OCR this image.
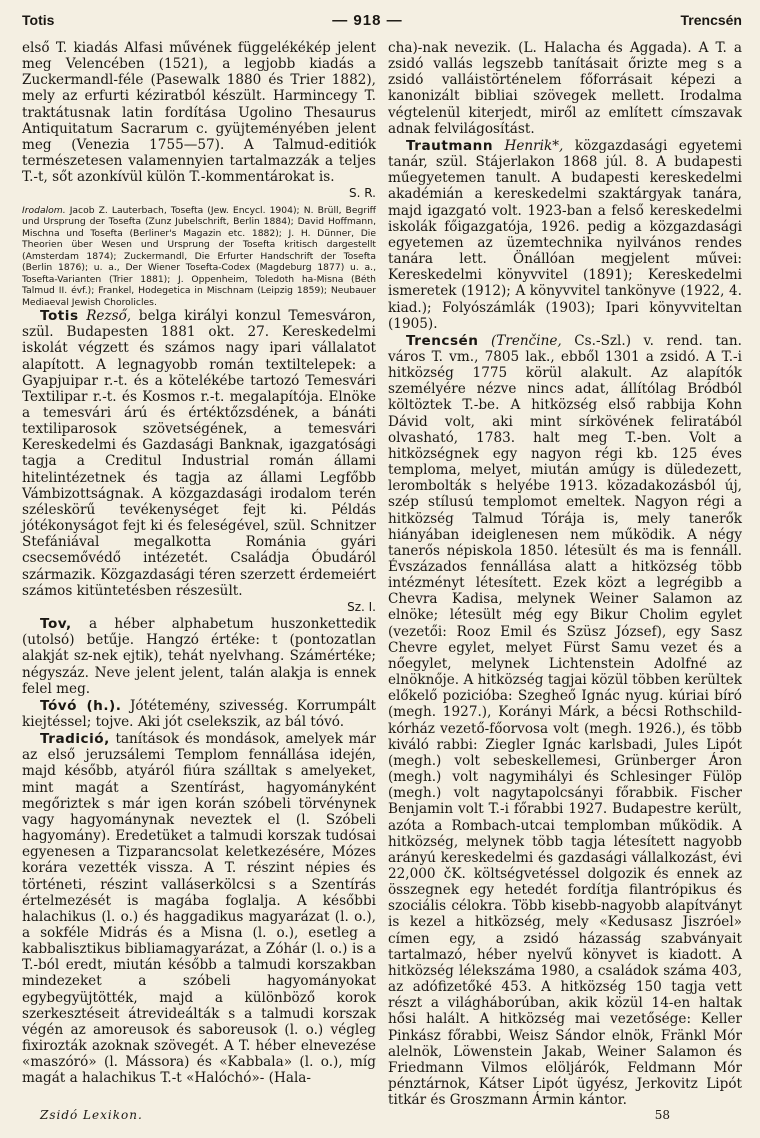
Totis	— 918 —	Trencsén

első T. kiadás Alfasi művének függelékékép jelent meg Velencében (1521), a legjobb kiadás a Zuckermandl-féle (Pasewalk 1880 és Trier 1882), mely az erfurti kéziratból készült. Harmincegy T. traktátusnak latin fordítása Ugolino Thesaurus Antiquitatum Sacrarum c. gyüjteményében jelent meg (Venezia 1755—57). A Talmud-editiók természetesen valamennyien tartalmazzák a teljes T.-t, sőt azonkívül külön T.-kommentárokat is.
S. R.

Irodalom. Jacob Z. Lauterbach, Tosefta (Jew. Encycl. 1904); N. Brüll, Begriff und Ursprung der Tosefta (Zunz Jubelschrift, Berlin 1884); David Hoffmann, Mischna und Tosefta (Berliner's Magazin etc. 1882); J. H. Dünner, Die Theorien über Wesen und Ursprung der Tosefta kritisch dargestellt (Amsterdam 1874); Zuckermandl, Die Erfurter Handschrift der Tosefta (Berlin 1876); u. a., Der Wiener Tosefta-Codex (Magdeburg 1877) u. a., Tosefta-Varianten (Trier 1881); J. Oppenheim, Toledoth ha-Misna (Béth Talmud II. évf.); Frankel, Hodegetica in Mischnam (Leipzig 1859); Neubauer Mediaeval Jewish Chorolicles.

Totis Rezső, belga királyi konzul Temesváron, szül. Budapesten 1881 okt. 27. Kereskedelmi iskolát végzett és számos nagy ipari vállalatot alapított. A legnagyobb román textiltelepek: a Gyapjuipar r.-t. és a kötelékébe tartozó Temesvári Textilipar r.-t. és Kosmos r.-t. megalapítója. Elnöke a temesvári árú és értéktőzsdének, a bánáti textiliparosok szövetségének, a temesvári Kereskedelmi és Gazdasági Banknak, igazgatósági tagja a Creditul Industrial román állami hitelintézetnek és tagja az állami Legfőbb Vámbizottságnak. A közgazdasági irodalom terén széleskörű tevékenységet fejt ki. Példás jótékonyságot fejt ki és feleségével, szül. Schnitzer Stefániával megalkotta Románia gyári csecsemővédő intézetét. Családja Óbudáról származik. Közgazdasági téren szerzett érdemeiért számos kitüntetésben részesült.
Sz. I.

Tov, a héber alphabetum huszonkettedik (utolsó) betűje. Hangzó értéke: t (pontozatlan alakját sz-nek ejtik), tehát nyelvhang. Számértéke; négyszáz. Neve jelent jelent, talán alakja is ennek felel meg.

Tóvó (h.). Jótétemény, szivesség. Korrumpált kiejtéssel; tojve. Aki jót cselekszik, az bál tóvó.

Tradició, tanítások és mondások, amelyek már az első jeruzsálemi Templom fennállása idején, majd később, atyáról fiúra szálltak s amelyeket, mint magát a Szentírást, hagyományként megőriztek s már igen korán szóbeli törvénynek vagy hagyománynak neveztek el (l. Szóbeli hagyomány). Eredetüket a talmudi korszak tudósai egyenesen a Tizparancsolat keletkezésére, Mózes korára vezették vissza. A T. részint népies és történeti, részint valláserkölcsi s a Szentírás értelmezését is magába foglalja. A későbbi halachikus (l. o.) és haggadikus magyarázat (l. o.), a sokféle Midrás és a Misna (l. o.), esetleg a kabbalisztikus bibliamagyarázat, a Zóhár (l. o.) is a T.-ból eredt, miután később a talmudi korszakban mindezeket a szóbeli hagyományokat egybegyüjtötték, majd a különböző korok szerkesztéseit átrevideálták s a talmudi korszak végén az amoreusok és saboreusok (l. o.) végleg fixirozták azoknak szövegét. A T. héber elnevezése «maszóró» (l. Mássora) és «Kabbala» (l. o.), míg magát a halachikus T.-t «Halóchó»- (Hala-

cha)-nak nevezik. (L. Halacha és Aggada). A T. a zsidó vallás legszebb tanításait őrizte meg s a zsidó valláistörténelem főforrásait képezi a kanonizált bibliai szövegek mellett. Irodalma végtelenül kiterjedt, miről az említett címszavak adnak felvilágosítást.

Trautmann Henrik*, közgazdasági egyetemi tanár, szül. Stájerlakon 1868 júl. 8. A budapesti műegyetemen tanult. A budapesti kereskedelmi akadémián a kereskedelmi szaktárgyak tanára, majd igazgató volt. 1923-ban a felső kereskedelmi iskolák főigazgatója, 1926. pedig a közgazdasági egyetemen az üzemtechnika nyilvános rendes tanára lett. Önállóan megjelent művei: Kereskedelmi könyvvitel (1891); Kereskedelmi ismeretek (1912); A könyvvitel tankönyve (1922, 4. kiad.); Folyószámlák (1903); Ipari könyvviteltan (1905).

Trencsén (Trenčine, Cs.-Szl.) v. rend. tan. város T. vm., 7805 lak., ebből 1301 a zsidó. A T.-i hitközség 1775 körül alakult. Az alapítók személyére nézve nincs adat, állítólag Bródból költöztek T.-be. A hitközség első rabbija Kohn Dávid volt, aki mint sírkövének feliratából olvasható, 1783. halt meg T.-ben. Volt a hitközségnek egy nagyon régi kb. 125 éves temploma, melyet, miután amúgy is düledezett, lerombolták s helyébe 1913. közadakozásból új, szép stílusú templomot emeltek. Nagyon régi a hitközség Talmud Tórája is, mely tanerők hiányában ideiglenesen nem működik. A négy tanerős népiskola 1850. létesült és ma is fennáll. Évszázados fennállása alatt a hitközség több intézményt létesített. Ezek közt a legrégibb a Chevra Kadisa, melynek Weiner Salamon az elnöke; létesült még egy Bikur Cholim egylet (vezetői: Rooz Emil és Szüsz József), egy Sasz Chevre egylet, melyet Fürst Samu vezet és a nőegylet, melynek Lichtenstein Adolfné az elnöknője. A hitközség tagjai közül többen kerültek előkelő pozicióba: Szegheő Ignác nyug. kúriai bíró (megh. 1927.), Korányi Márk, a bécsi Rothschild-kórház vezető-főorvosa volt (megh. 1926.), és több kiváló rabbi: Ziegler Ignác karlsbadi, Jules Lipót (megh.) volt sebeskellemesi, Grünberger Áron (megh.) volt nagymihályi és Schlesinger Fülöp (megh.) volt nagytapolcsányi főrabbik. Fischer Benjamin volt T.-i főrabbi 1927. Budapestre került, azóta a Rombach-utcai templomban működik. A hitközség, melynek több tagja létesített nagyobb arányú kereskedelmi és gazdasági vállalkozást, évi 22,000 čK. költségvetéssel dolgozik és ennek az összegnek egy hetedét fordítja filantrópikus és szociális célokra. Több kisebb-nagyobb alapítványt is kezel a hitközség, mely «Kedusasz Jiszróel» címen egy, a zsidó házasság szabványait tartalmazó, héber nyelvű könyvet is kiadott. A hitközség lélekszáma 1980, a családok száma 403, az adófizetőké 453. A hitközség 150 tagja vett részt a világháborúban, akik közül 14-en haltak hősi halált. A hitközség mai vezetősége: Keller Pinkász főrabbi, Weisz Sándor elnök, Fränkl Mór alelnök, Löwenstein Jakab, Weiner Salamon és Friedmann Vilmos elöljárók, Feldmann Mór pénztárnok, Kátser Lipót ügyész, Jerkovitz Lipót titkár és Groszmann Ármin kántor.

Zsidó Lexikon.	58
